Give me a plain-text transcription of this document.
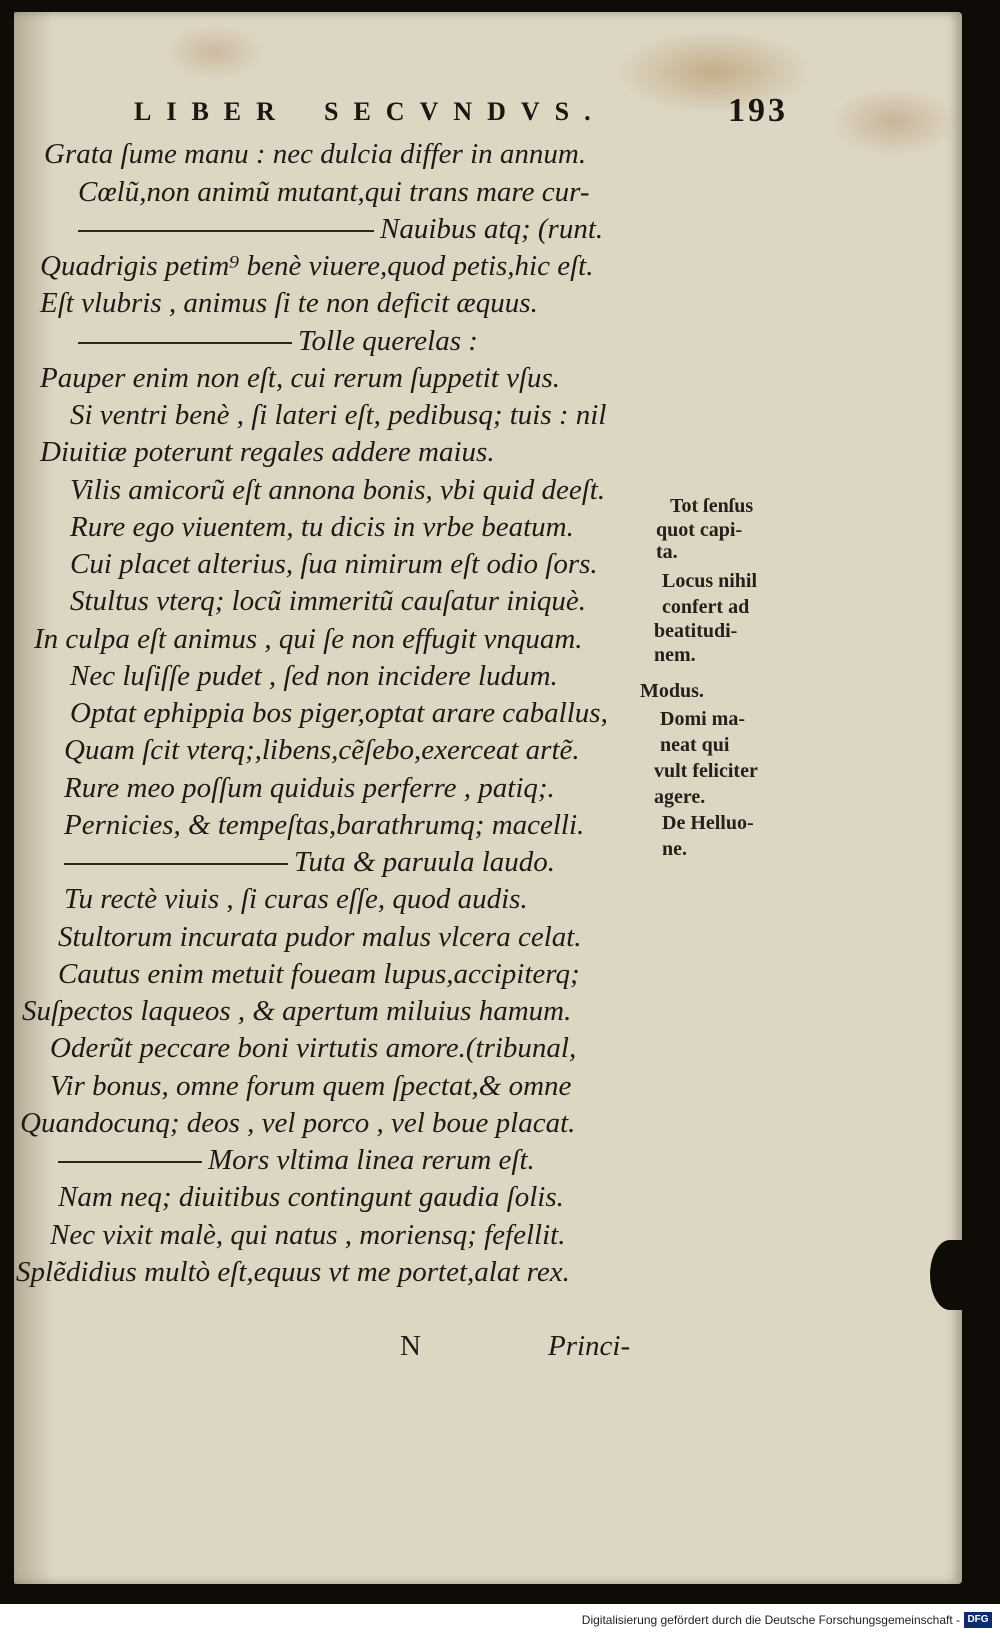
LIBER SECVNDVS.	193
Grata ſume manu : nec dulcia differ in annum.
Cœlũ,non animũ mutant,qui trans mare cur-
Nauibus atq; (runt.
Quadrigis petim⁹ benè viuere,quod petis,hic eſt.
Eſt vlubris , animus ſi te non deficit æquus.
Tolle querelas :
Pauper enim non eſt, cui rerum ſuppetit vſus.
Si ventri benè , ſi lateri eſt, pedibusq; tuis : nil
Diuitiæ poterunt regales addere maius.
Vilis amicorũ eſt annona bonis, vbi quid deeſt.
Rure ego viuentem, tu dicis in vrbe beatum.
Cui placet alterius, ſua nimirum eſt odio ſors.
Stultus vterq; locũ immeritũ cauſatur iniquè.
In culpa eſt animus , qui ſe non effugit vnquam.
Nec luſiſſe pudet , ſed non incidere ludum.
Optat ephippia bos piger,optat arare caballus,
Quam ſcit vterq;,libens,cẽſebo,exerceat artẽ.
Rure meo poſſum quiduis perferre , patiq;.
Pernicies, & tempeſtas,barathrumq; macelli.
Tuta & paruula laudo.
Tu rectè viuis , ſi curas eſſe, quod audis.
Stultorum incurata pudor malus vlcera celat.
Cautus enim metuit foueam lupus,accipiterq;
Suſpectos laqueos , & apertum miluius hamum.
Oderũt peccare boni virtutis amore.(tribunal,
Vir bonus, omne forum quem ſpectat,& omne
Quandocunq; deos , vel porco , vel boue placat.
Mors vltima linea rerum eſt.
Nam neq; diuitibus contingunt gaudia ſolis.
Nec vixit malè, qui natus , moriensq; fefellit.
Splẽdidius multò eſt,equus vt me portet,alat rex.
Tot ſenſus
quot capi-
ta.
Locus nihil
confert ad
beatitudi-
nem.
Modus.
Domi ma-
neat qui
vult feliciter
agere.
De Helluo-
ne.
N	Princi-
Digitalisierung gefördert durch die Deutsche Forschungsgemeinschaft - DFG
